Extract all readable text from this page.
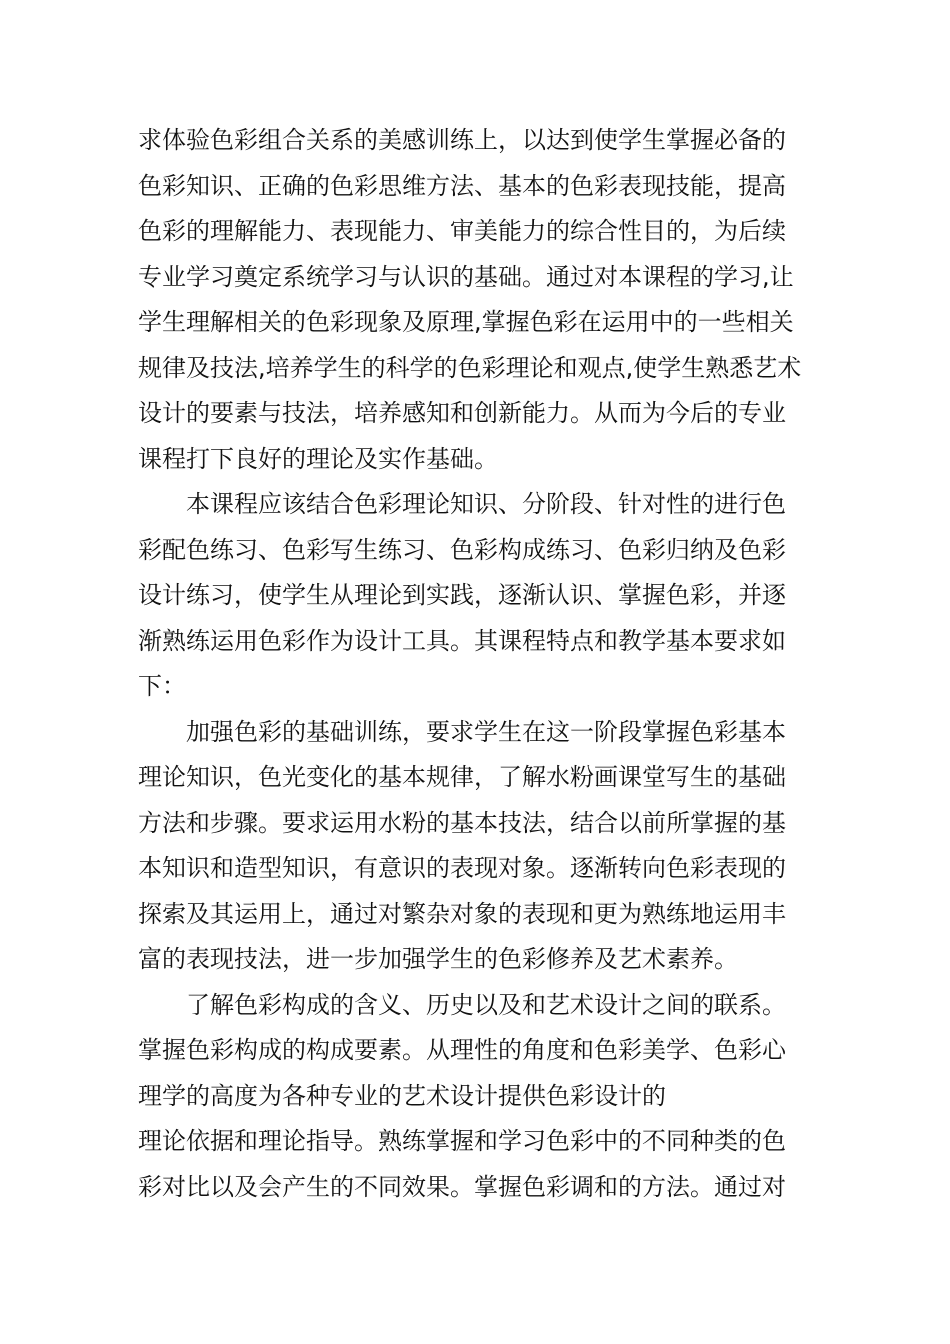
求体验色彩组合关系的美感训练上，以达到使学生掌握必备的
色彩知识、正确的色彩思维方法、基本的色彩表现技能，提高
色彩的理解能力、表现能力、审美能力的综合性目的，为后续
专业学习奠定系统学习与认识的基础。通过对本课程的学习,让
学生理解相关的色彩现象及原理,掌握色彩在运用中的一些相关
规律及技法,培养学生的科学的色彩理论和观点,使学生熟悉艺术
设计的要素与技法，培养感知和创新能力。从而为今后的专业
课程打下良好的理论及实作基础。
本课程应该结合色彩理论知识、分阶段、针对性的进行色
彩配色练习、色彩写生练习、色彩构成练习、色彩归纳及色彩
设计练习，使学生从理论到实践，逐渐认识、掌握色彩，并逐
渐熟练运用色彩作为设计工具。其课程特点和教学基本要求如
下：
加强色彩的基础训练，要求学生在这一阶段掌握色彩基本
理论知识，色光变化的基本规律，了解水粉画课堂写生的基础
方法和步骤。要求运用水粉的基本技法，结合以前所掌握的基
本知识和造型知识，有意识的表现对象。逐渐转向色彩表现的
探索及其运用上，通过对繁杂对象的表现和更为熟练地运用丰
富的表现技法，进一步加强学生的色彩修养及艺术素养。
了解色彩构成的含义、历史以及和艺术设计之间的联系。
掌握色彩构成的构成要素。从理性的角度和色彩美学、色彩心
理学的高度为各种专业的艺术设计提供色彩设计的
理论依据和理论指导。熟练掌握和学习色彩中的不同种类的色
彩对比以及会产生的不同效果。掌握色彩调和的方法。通过对
